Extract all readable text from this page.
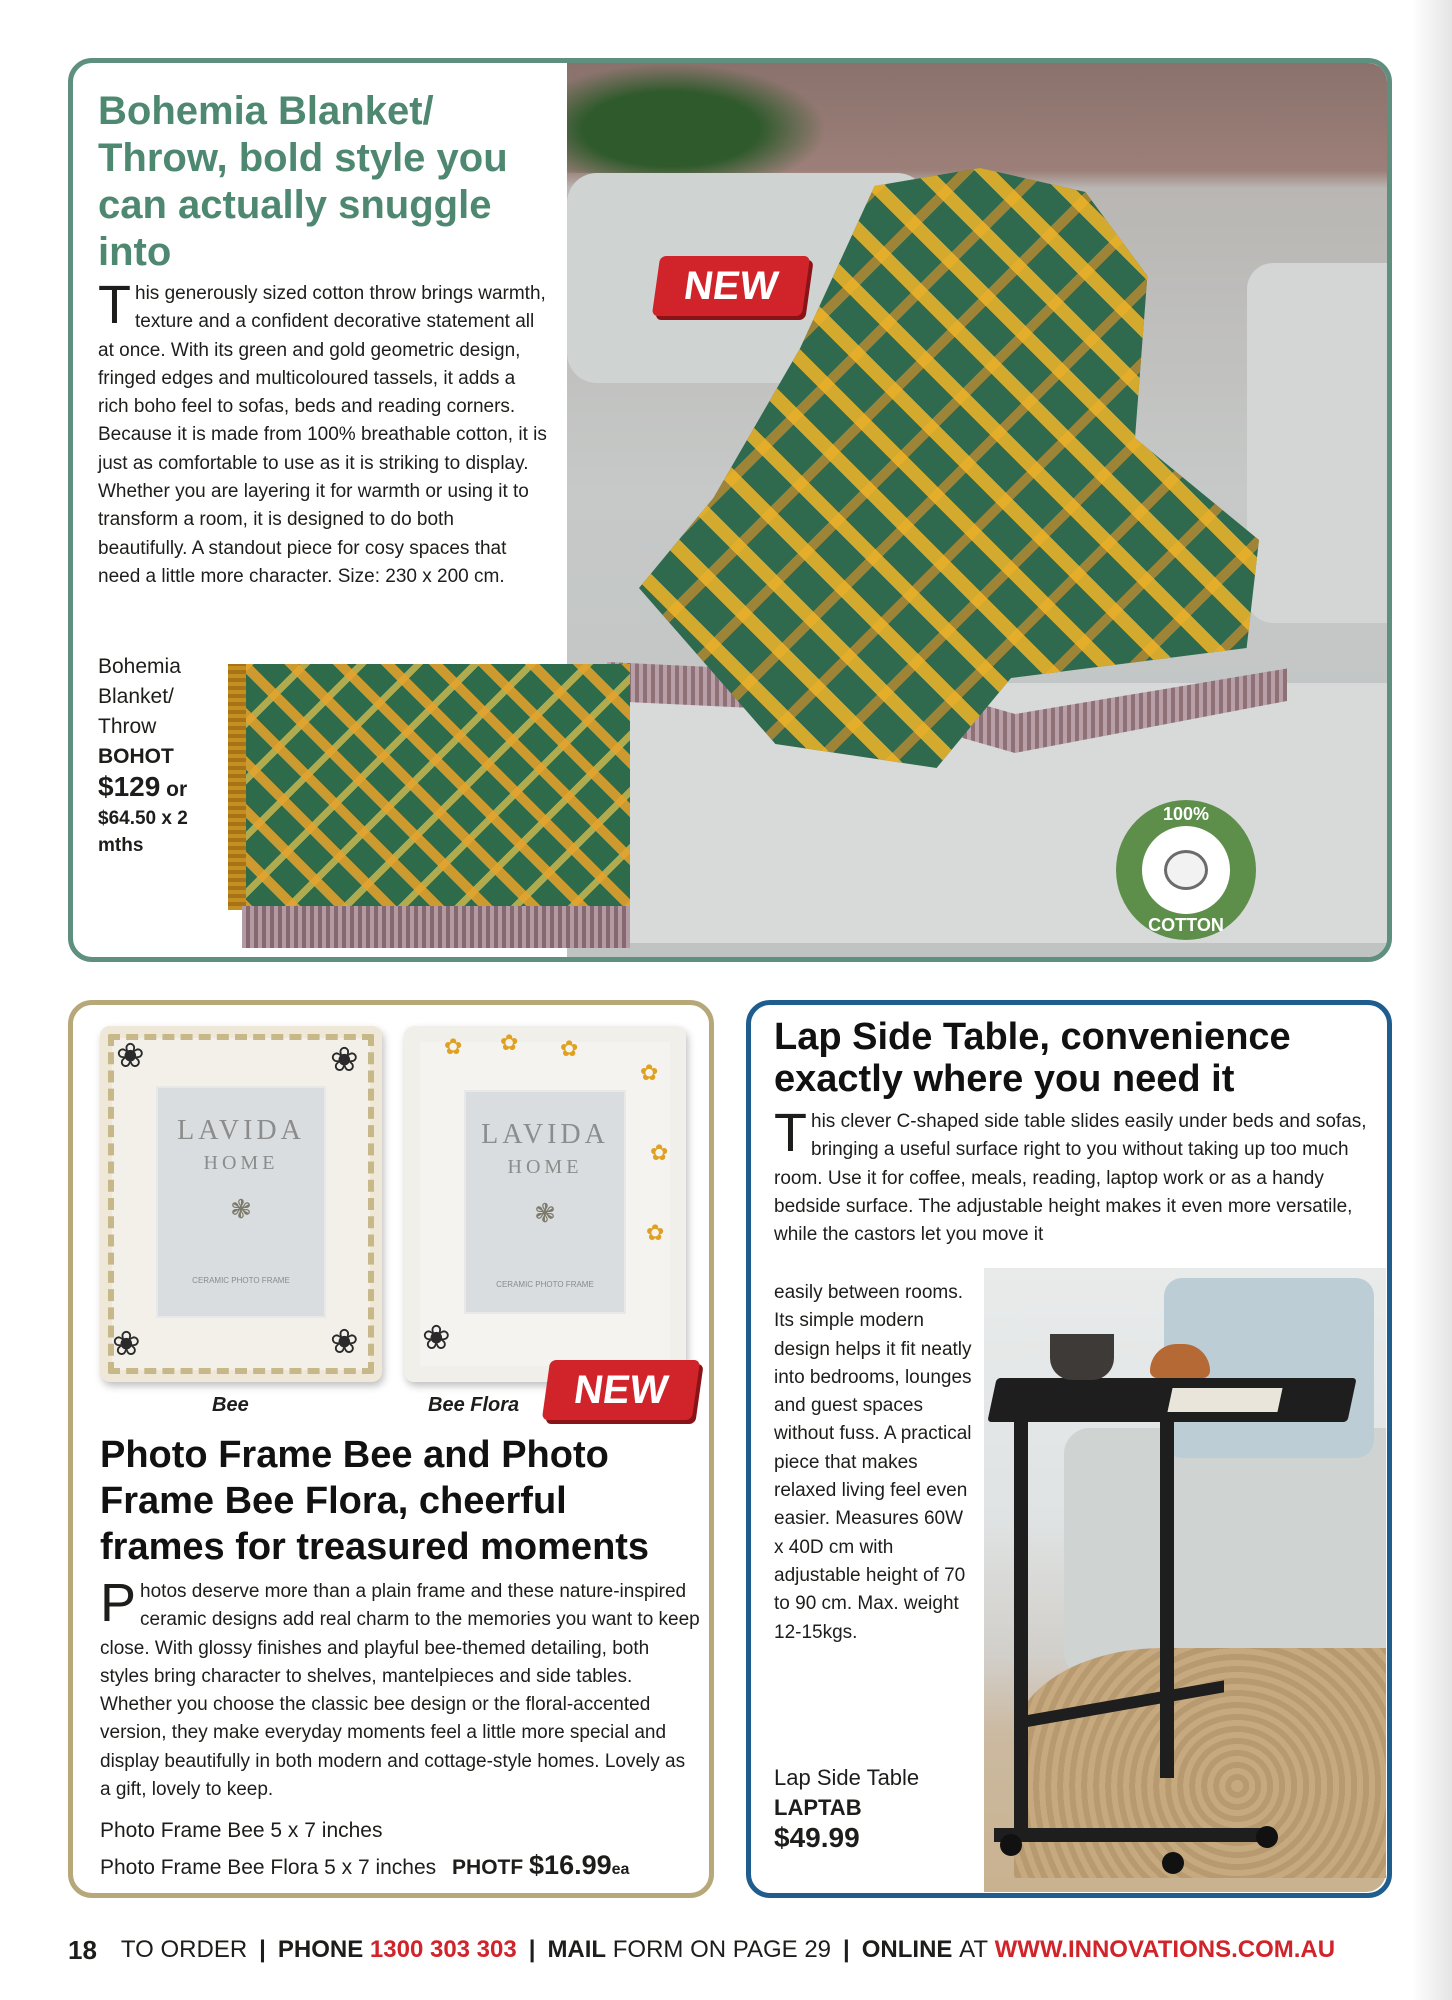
Bohemia Blanket/ Throw, bold style you can actually snuggle into
This generously sized cotton throw brings warmth, texture and a confident decorative statement all at once. With its green and gold geometric design, fringed edges and multicoloured tassels, it adds a rich boho feel to sofas, beds and reading corners. Because it is made from 100% breathable cotton, it is just as comfortable to use as it is striking to display. Whether you are layering it for warmth or using it to transform a room, it is designed to do both beautifully. A standout piece for cosy spaces that need a little more character. Size: 230 x 200 cm.
Bohemia Blanket/ Throw
BOHOT
$129 or
$64.50 x 2 mths
NEW
100%
COTTON
LAVIDA
HOME
❃
CERAMIC PHOTO FRAME
❀	❀
❀	❀
LAVIDA
HOME
❃
CERAMIC PHOTO FRAME
✿ ✿ ✿
✿
✿
✿
❀
Bee	Bee Flora	NEW
Photo Frame Bee and Photo Frame Bee Flora, cheerful frames for treasured moments
Photos deserve more than a plain frame and these nature-inspired ceramic designs add real charm to the memories you want to keep close. With glossy finishes and playful bee-themed detailing, both styles bring character to shelves, mantelpieces and side tables. Whether you choose the classic bee design or the floral-accented version, they make everyday moments feel a little more special and display beautifully in both modern and cottage-style homes. Lovely as a gift, lovely to keep.
Photo Frame Bee 5 x 7 inches
Photo Frame Bee Flora 5 x 7 inches PHOTF $16.99ea
Lap Side Table, convenience exactly where you need it
This clever C-shaped side table slides easily under beds and sofas, bringing a useful surface right to you without taking up too much room. Use it for coffee, meals, reading, laptop work or as a handy bedside surface. The adjustable height makes it even more versatile, while the castors let you move it
easily between rooms. Its simple modern design helps it fit neatly into bedrooms, lounges and guest spaces without fuss. A practical piece that makes relaxed living feel even easier. Measures 60W x 40D cm with adjustable height of 70 to 90 cm. Max. weight 12-15kgs.
Lap Side Table
LAPTAB
$49.99
18 TO ORDER | PHONE
1300 303 303 | MAIL
FORM ON PAGE 29 | ONLINE
AT
WWW.INNOVATIONS.COM.AU
